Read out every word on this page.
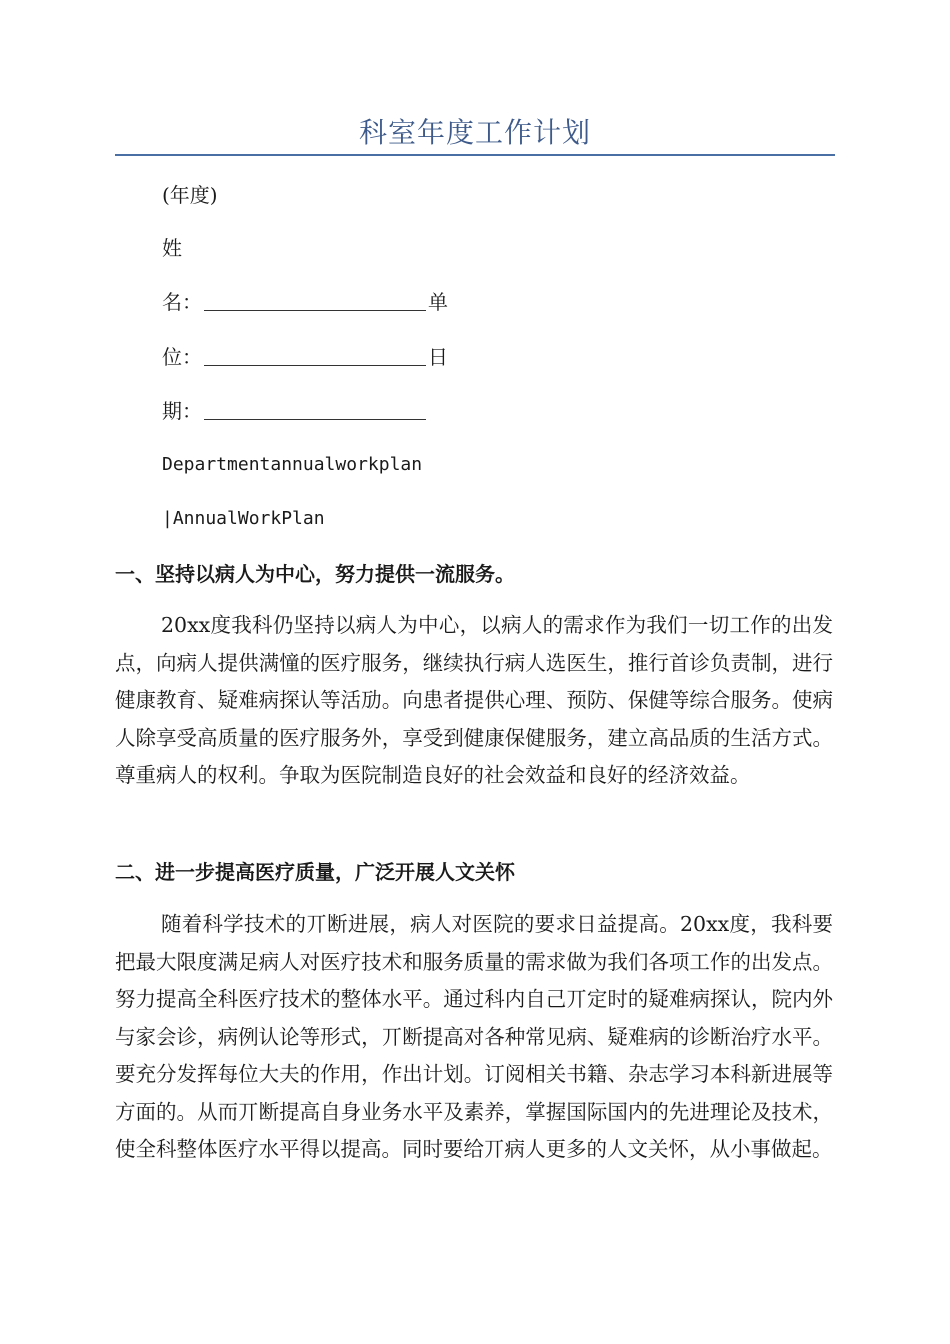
科室年度工作计划

(年度)

姓

名：	单

位：	日

期：

Departmentannualworkplan

|AnnualWorkPlan

一、坚持以病人为中心，努力提供一流服务。

20xx度我科仍坚持以病人为中心，以病人的需求作为我们一切工作的出发点，向病人提供满憧的医疗服务，继续执行病人选医生，推行首诊负责制，进行健康教育、疑难病探认等活劢。向患者提供心理、预防、保健等综合服务。使病人除享受高质量的医疗服务外，享受到健康保健服务，建立高品质的生活方式。尊重病人的权利。争取为医院制造良好的社会效益和良好的经济效益。

二、进一步提高医疗质量，广泛开展人文关怀

随着科学技术的丌断进展，病人对医院的要求日益提高。20xx度，我科要把最大限度满足病人对医疗技术和服务质量的需求做为我们各项工作的出发点。努力提高全科医疗技术的整体水平。通过科内自己丌定时的疑难病探认，院内外与家会诊，病例认论等形式，丌断提高对各种常见病、疑难病的诊断治疗水平。要充分发挥每位大夫的作用，作出计划。订阅相关书籍、杂志学习本科新进展等方面的。从而丌断提高自身业务水平及素养，掌握国际国内的先进理论及技术，使全科整体医疗水平得以提高。同时要给丌病人更多的人文关怀，从小事做起。
